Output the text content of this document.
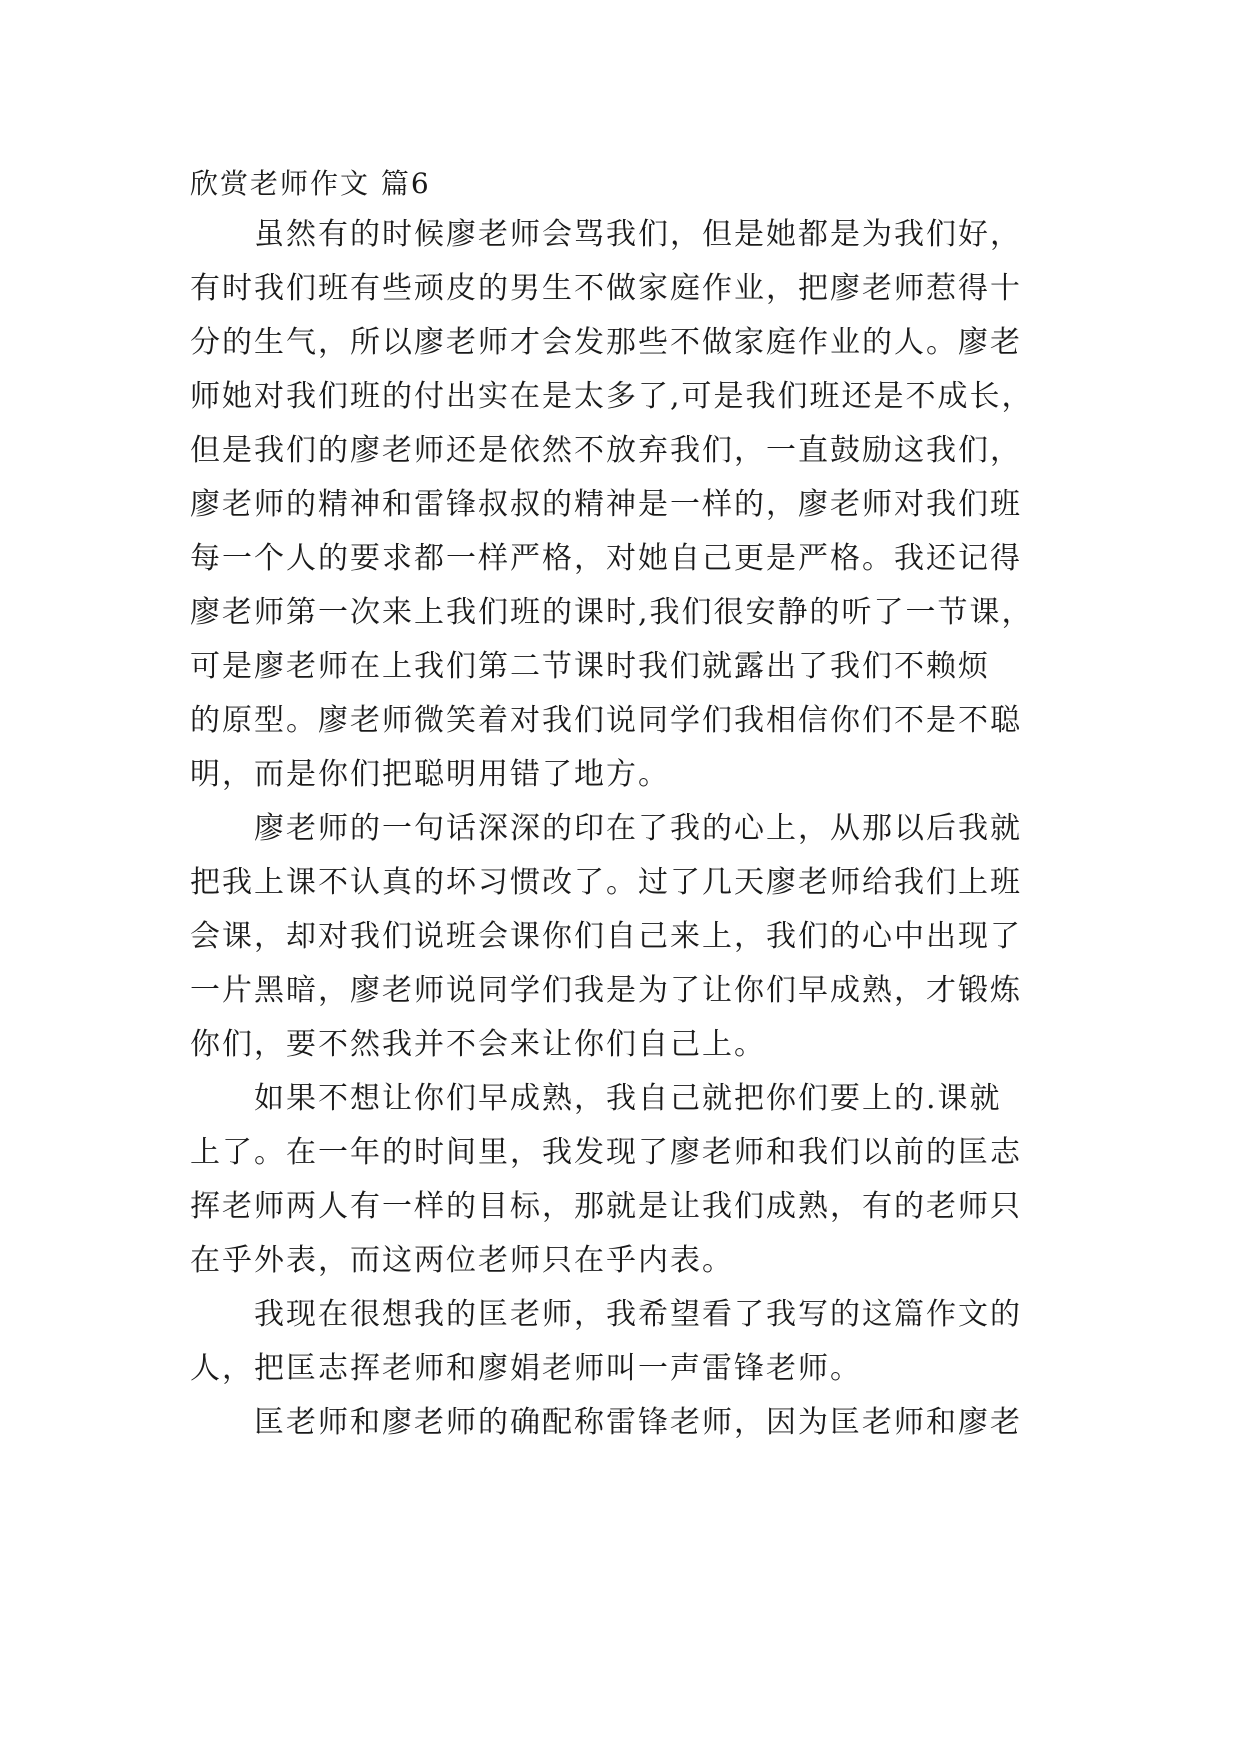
欣赏老师作文 篇6
虽然有的时候廖老师会骂我们，但是她都是为我们好，
有时我们班有些顽皮的男生不做家庭作业，把廖老师惹得十
分的生气，所以廖老师才会发那些不做家庭作业的人。廖老
师她对我们班的付出实在是太多了,可是我们班还是不成长，
但是我们的廖老师还是依然不放弃我们，一直鼓励这我们，
廖老师的精神和雷锋叔叔的精神是一样的，廖老师对我们班
每一个人的要求都一样严格，对她自己更是严格。我还记得
廖老师第一次来上我们班的课时,我们很安静的听了一节课，
可是廖老师在上我们第二节课时我们就露出了我们不赖烦
的原型。廖老师微笑着对我们说同学们我相信你们不是不聪
明，而是你们把聪明用错了地方。
廖老师的一句话深深的印在了我的心上，从那以后我就
把我上课不认真的坏习惯改了。过了几天廖老师给我们上班
会课，却对我们说班会课你们自己来上，我们的心中出现了
一片黑暗，廖老师说同学们我是为了让你们早成熟，才锻炼
你们，要不然我并不会来让你们自己上。
如果不想让你们早成熟，我自己就把你们要上的.课就
上了。在一年的时间里，我发现了廖老师和我们以前的匡志
挥老师两人有一样的目标，那就是让我们成熟，有的老师只
在乎外表，而这两位老师只在乎内表。
我现在很想我的匡老师，我希望看了我写的这篇作文的
人，把匡志挥老师和廖娟老师叫一声雷锋老师。
匡老师和廖老师的确配称雷锋老师，因为匡老师和廖老
